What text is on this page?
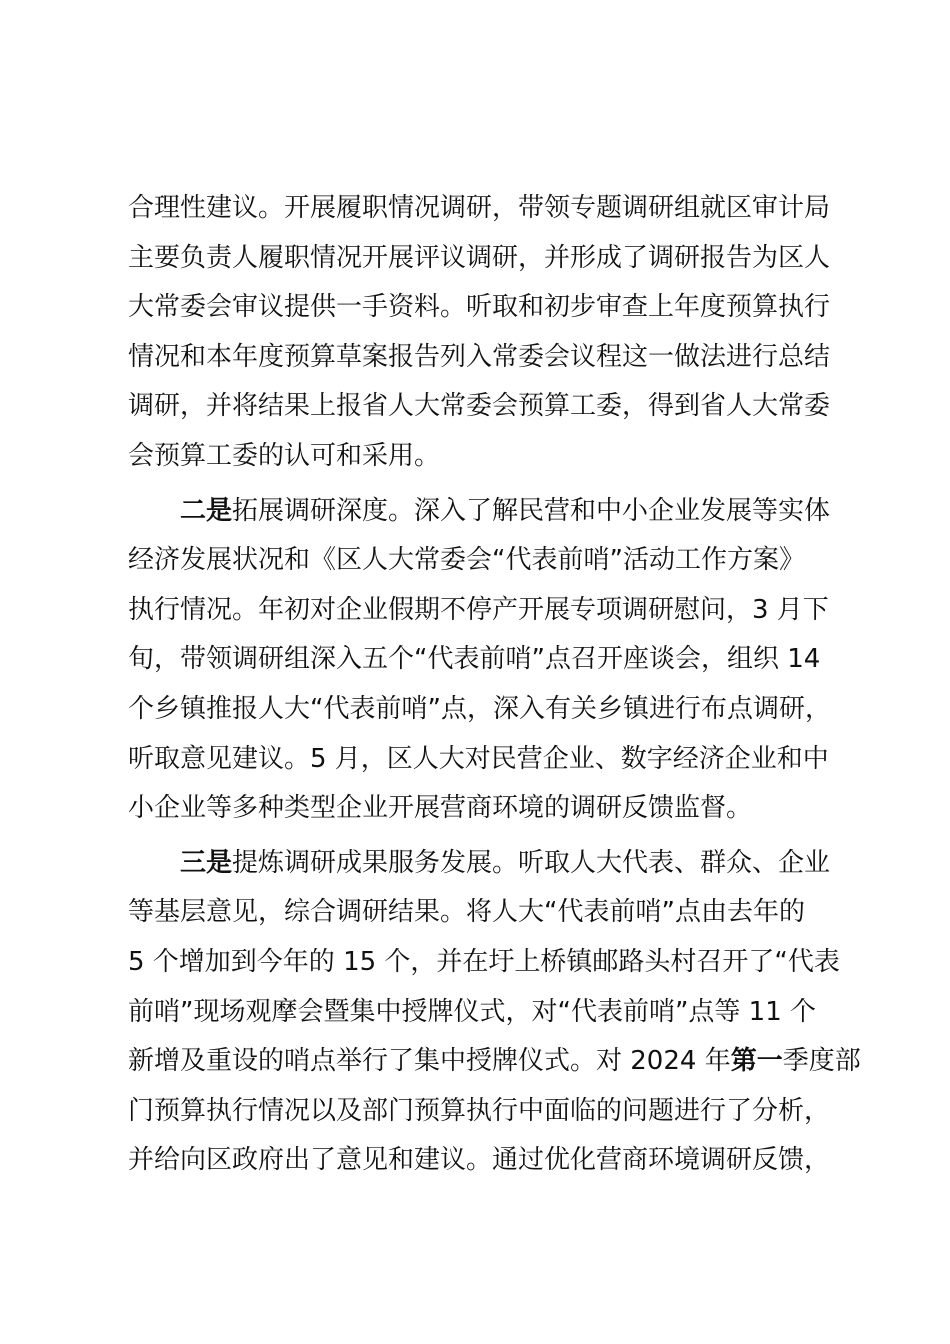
合理性建议。开展履职情况调研，带领专题调研组就区审计局
主要负责人履职情况开展评议调研，并形成了调研报告为区人
大常委会审议提供一手资料。听取和初步审查上年度预算执行
情况和本年度预算草案报告列入常委会议程这一做法进行总结
调研，并将结果上报省人大常委会预算工委，得到省人大常委
会预算工委的认可和采用。
二是拓展调研深度。深入了解民营和中小企业发展等实体
经济发展状况和《区人大常委会“代表前哨”活动工作方案》
执行情况。年初对企业假期不停产开展专项调研慰问，3 月下
旬，带领调研组深入五个“代表前哨”点召开座谈会，组织 14
个乡镇推报人大“代表前哨”点，深入有关乡镇进行布点调研，
听取意见建议。5 月，区人大对民营企业、数字经济企业和中
小企业等多种类型企业开展营商环境的调研反馈监督。
三是提炼调研成果服务发展。听取人大代表、群众、企业
等基层意见，综合调研结果。将人大“代表前哨”点由去年的
5 个增加到今年的 15 个，并在圩上桥镇邮路头村召开了“代表
前哨”现场观摩会暨集中授牌仪式，对“代表前哨”点等 11 个
新增及重设的哨点举行了集中授牌仪式。对 2024 年第一季度部
门预算执行情况以及部门预算执行中面临的问题进行了分析，
并给向区政府出了意见和建议。通过优化营商环境调研反馈，
